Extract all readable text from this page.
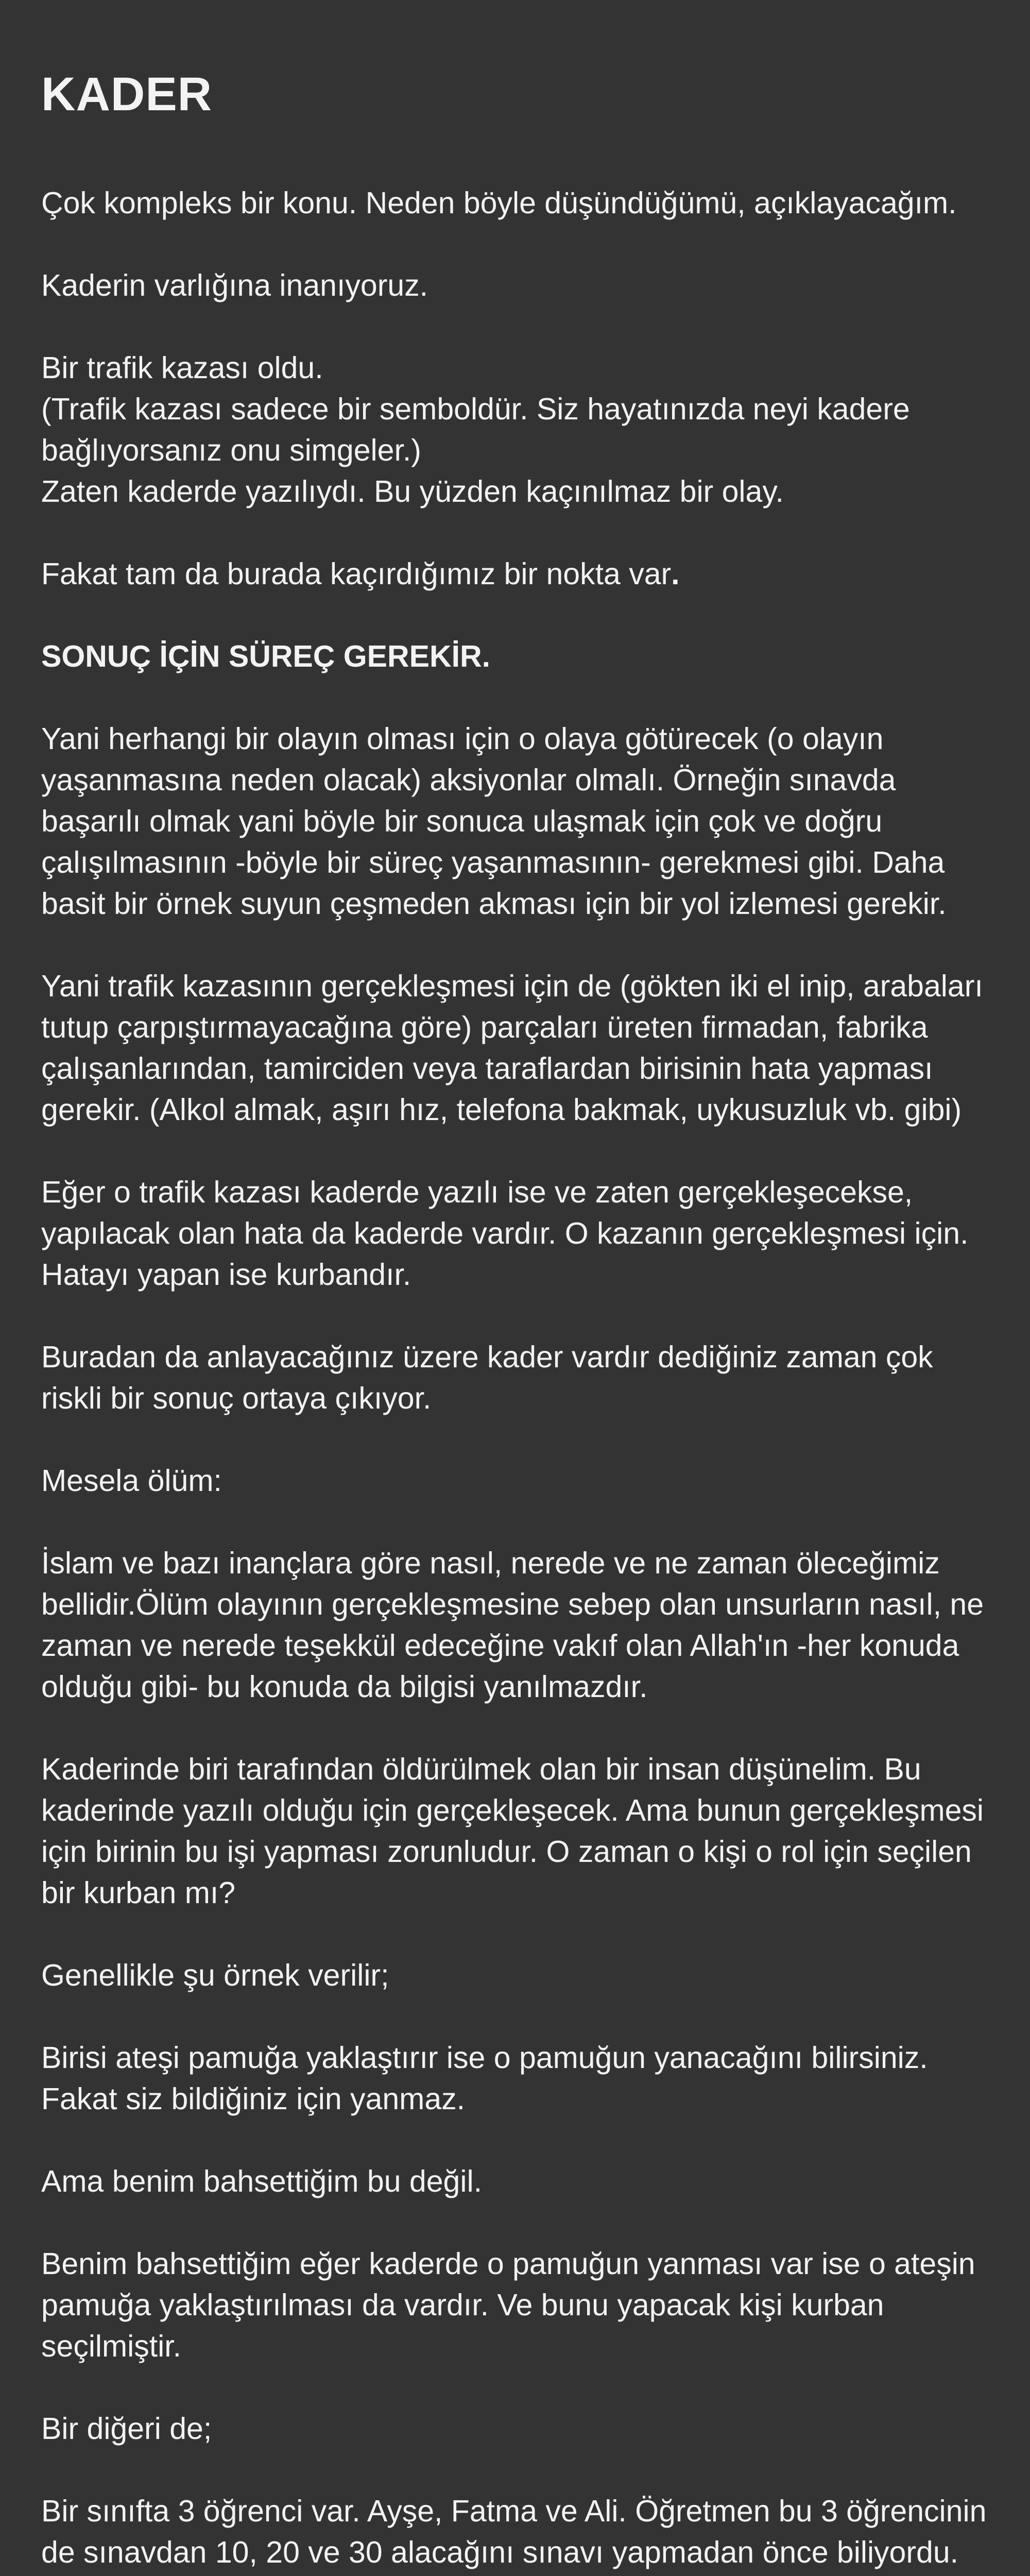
KADER

Çok kompleks bir konu. Neden böyle düşündüğümü, açıklayacağım.

Kaderin varlığına inanıyoruz.

Bir trafik kazası oldu.
(Trafik kazası sadece bir semboldür. Siz hayatınızda neyi kadere bağlıyorsanız onu simgeler.)
Zaten kaderde yazılıydı. Bu yüzden kaçınılmaz bir olay.

Fakat tam da burada kaçırdığımız bir nokta var.

SONUÇ İÇİN SÜREÇ GEREKİR.

Yani herhangi bir olayın olması için o olaya götürecek (o olayın yaşanmasına neden olacak) aksiyonlar olmalı. Örneğin sınavda başarılı olmak yani böyle bir sonuca ulaşmak için çok ve doğru çalışılmasının -böyle bir süreç yaşanmasının- gerekmesi gibi. Daha basit bir örnek suyun çeşmeden akması için bir yol izlemesi gerekir.

Yani trafik kazasının gerçekleşmesi için de (gökten iki el inip, arabaları tutup çarpıştırmayacağına göre) parçaları üreten firmadan, fabrika çalışanlarından, tamirciden veya taraflardan birisinin hata yapması gerekir. (Alkol almak, aşırı hız, telefona bakmak, uykusuzluk vb. gibi)

Eğer o trafik kazası kaderde yazılı ise ve zaten gerçekleşecekse, yapılacak olan hata da kaderde vardır. O kazanın gerçekleşmesi için. Hatayı yapan ise kurbandır.

Buradan da anlayacağınız üzere kader vardır dediğiniz zaman çok riskli bir sonuç ortaya çıkıyor.

Mesela ölüm:

İslam ve bazı inançlara göre nasıl, nerede ve ne zaman öleceğimiz bellidir.Ölüm olayının gerçekleşmesine sebep olan unsurların nasıl, ne zaman ve nerede teşekkül edeceğine vakıf olan Allah'ın -her konuda olduğu gibi- bu konuda da bilgisi yanılmazdır.

Kaderinde biri tarafından öldürülmek olan bir insan düşünelim. Bu kaderinde yazılı olduğu için gerçekleşecek. Ama bunun gerçekleşmesi için birinin bu işi yapması zorunludur. O zaman o kişi o rol için seçilen bir kurban mı?

Genellikle şu örnek verilir;

Birisi ateşi pamuğa yaklaştırır ise o pamuğun yanacağını bilirsiniz. Fakat siz bildiğiniz için yanmaz.

Ama benim bahsettiğim bu değil.

Benim bahsettiğim eğer kaderde o pamuğun yanması var ise o ateşin pamuğa yaklaştırılması da vardır. Ve bunu yapacak kişi kurban seçilmiştir.

Bir diğeri de;

Bir sınıfta 3 öğrenci var. Ayşe, Fatma ve Ali. Öğretmen bu 3 öğrencinin de sınavdan 10, 20 ve 30 alacağını sınavı yapmadan önce biliyordu.
